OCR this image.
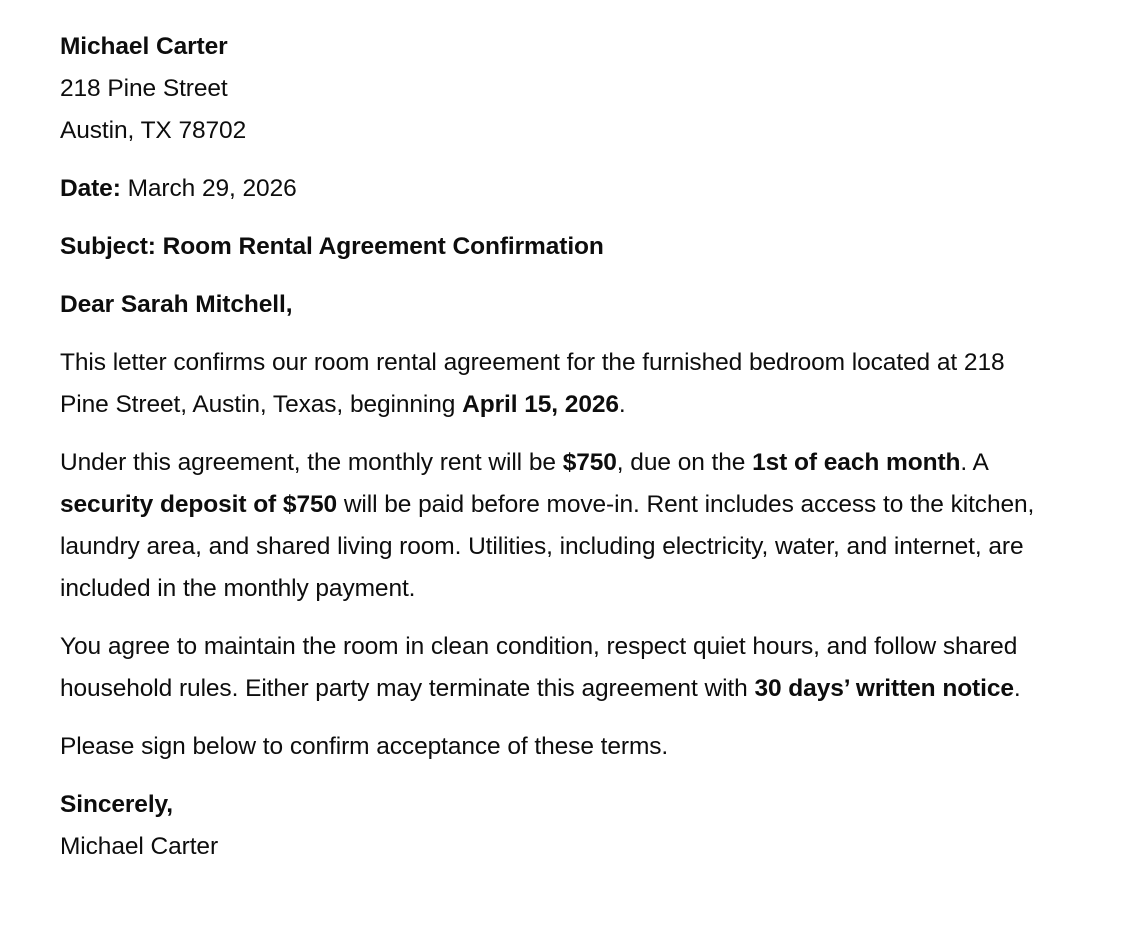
Michael Carter

218 Pine Street

Austin, TX 78702

Date: March 29, 2026

Subject: Room Rental Agreement Confirmation

Dear Sarah Mitchell,

This letter confirms our room rental agreement for the furnished bedroom located at 218 Pine Street, Austin, Texas, beginning April 15, 2026.

Under this agreement, the monthly rent will be $750, due on the 1st of each month. A security deposit of $750 will be paid before move-in. Rent includes access to the kitchen, laundry area, and shared living room. Utilities, including electricity, water, and internet, are included in the monthly payment.

You agree to maintain the room in clean condition, respect quiet hours, and follow shared household rules. Either party may terminate this agreement with 30 days’ written notice.

Please sign below to confirm acceptance of these terms.

Sincerely,

Michael Carter
